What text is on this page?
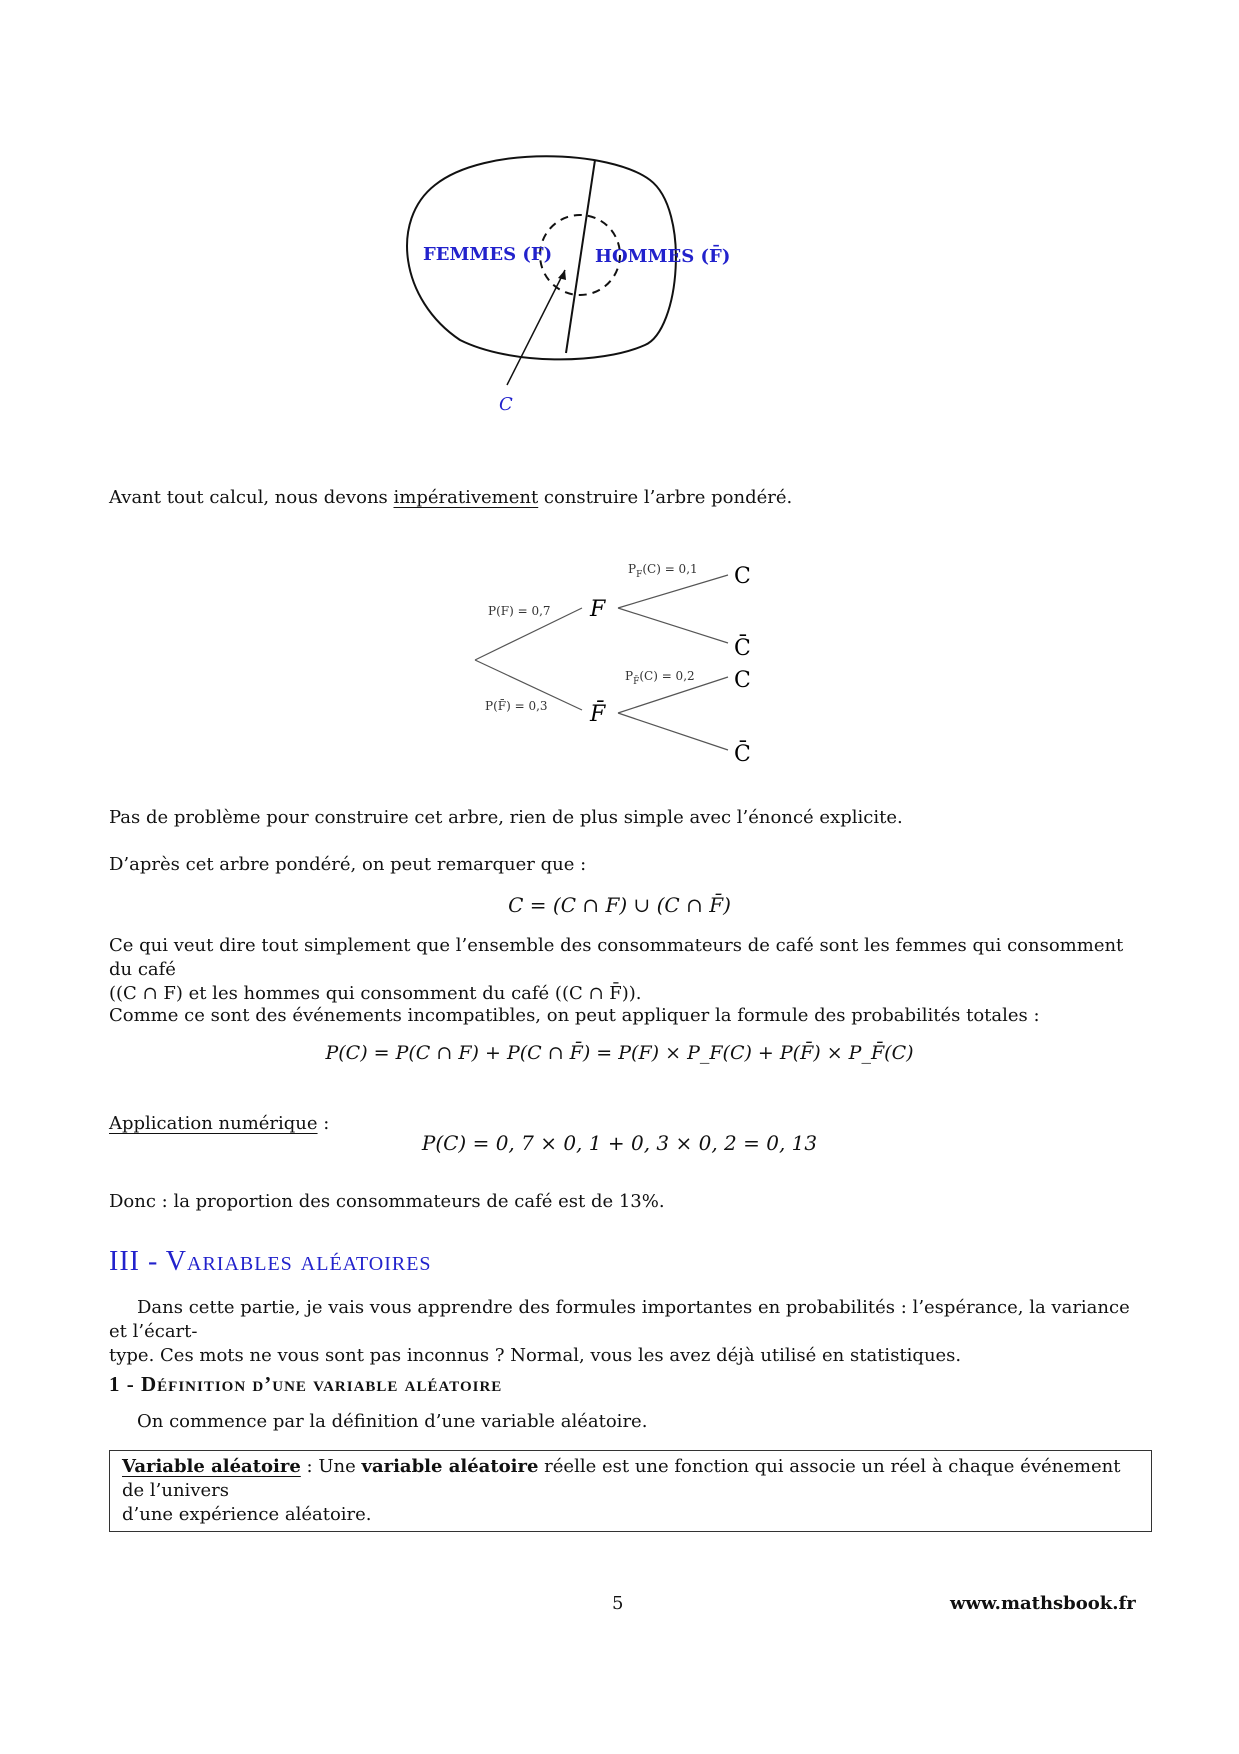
FEMMES (F) HOMMES (F̄)
C
Avant tout calcul, nous devons impérativement construire l’arbre pondéré.
P(F) = 0,7
P(F̄) = 0,3
F
F̄
$P_F(C) = 0,1$
$P_{F̄}(C) = 0,2$
C
C̄
C
C̄
Pas de problème pour construire cet arbre, rien de plus simple avec l’énoncé explicite.
D’après cet arbre pondéré, on peut remarquer que :
C = (C ∩ F) ∪ (C ∩ F̄)
Ce qui veut dire tout simplement que l’ensemble des consommateurs de café sont les femmes qui consomment du café
((C ∩ F) et les hommes qui consomment du café ((C ∩ F̄)).
Comme ce sont des événements incompatibles, on peut appliquer la formule des probabilités totales :
P(C) = P(C ∩ F) + P(C ∩ F̄) = P(F) × P_F(C) + P(F̄) × P_F̄(C)
Application numérique :
P(C) = 0, 7 × 0, 1 + 0, 3 × 0, 2 = 0, 13
Donc : la proportion des consommateurs de café est de 13%.
III - Variables aléatoires
Dans cette partie, je vais vous apprendre des formules importantes en probabilités : l’espérance, la variance et l’écart-
type. Ces mots ne vous sont pas inconnus ? Normal, vous les avez déjà utilisé en statistiques.
1 - Définition d’une variable aléatoire
On commence par la définition d’une variable aléatoire.
Variable aléatoire : Une variable aléatoire réelle est une fonction qui associe un réel à chaque événement de l’univers
d’une expérience aléatoire.
5	www.mathsbook.fr
